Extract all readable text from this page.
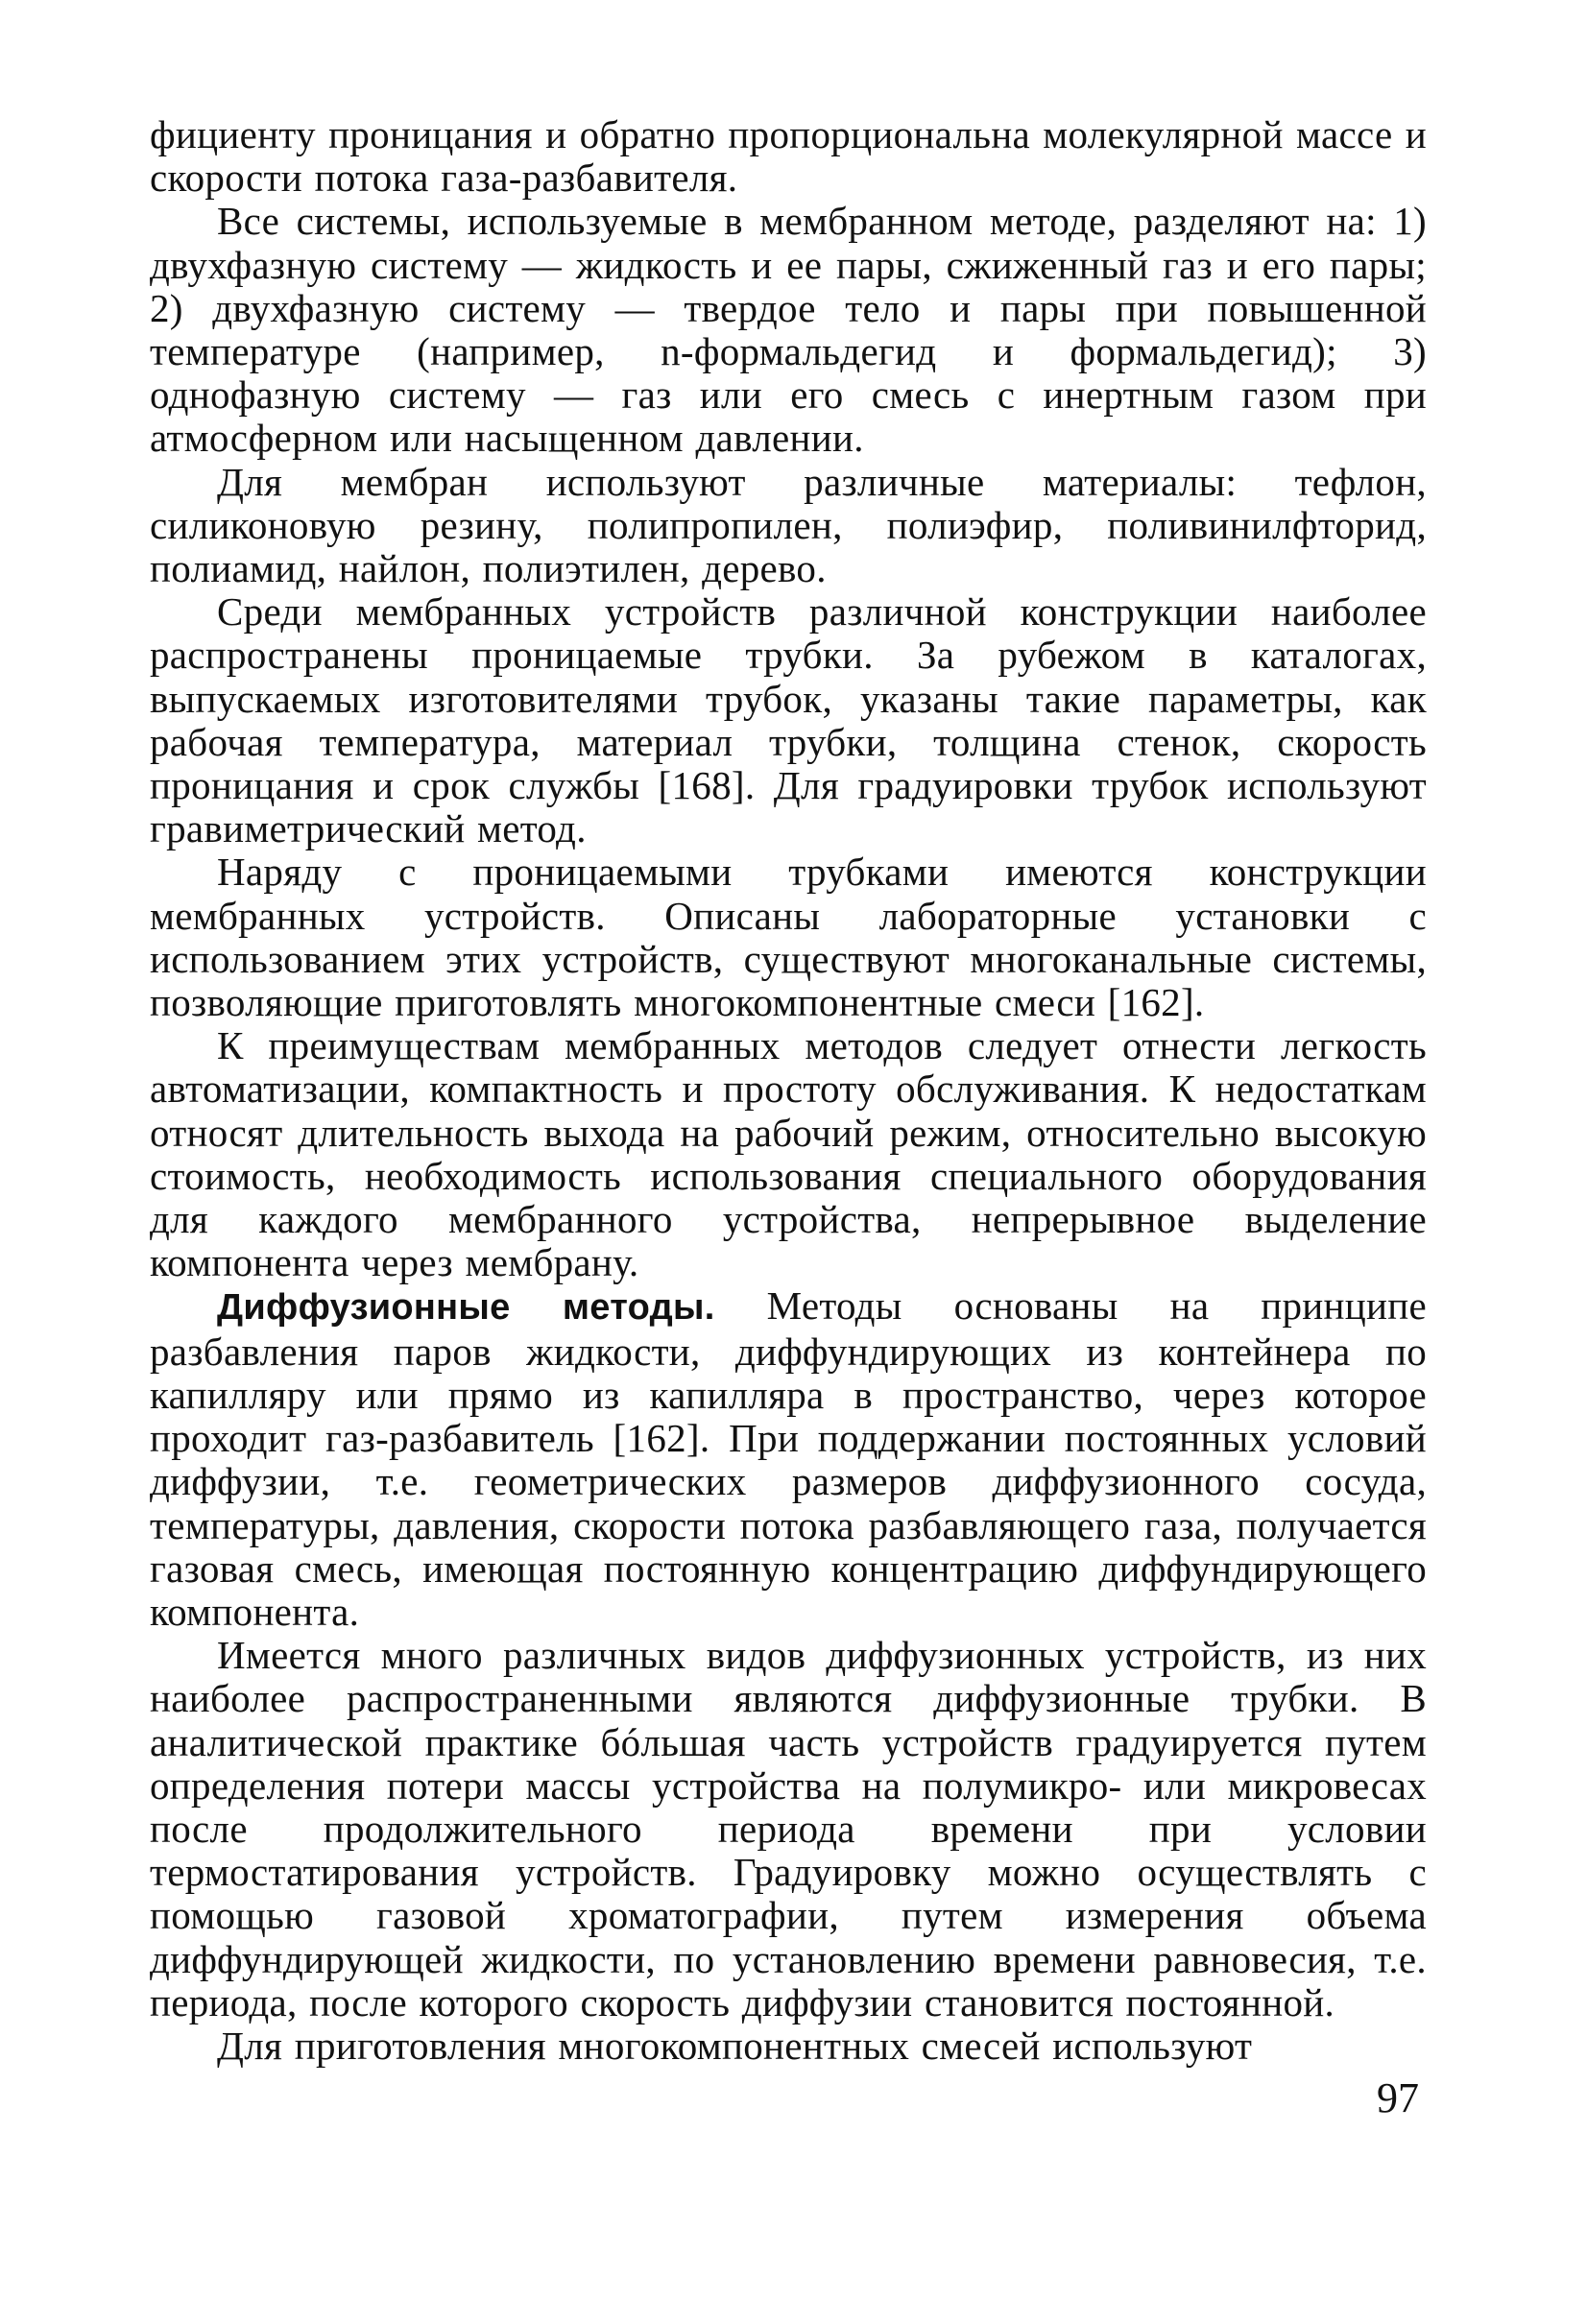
фициенту проницания и обратно пропорциональна молекулярной массе и скорости потока газа-разбавителя.

Все системы, используемые в мембранном методе, разделяют на: 1) двухфазную систему — жидкость и ее пары, сжиженный газ и его пары; 2) двухфазную систему — твердое тело и пары при повышенной температуре (например, n-формальдегид и формальдегид); 3) однофазную систему — газ или его смесь с инертным газом при атмосферном или насыщенном давлении.

Для мембран используют различные материалы: тефлон, силиконовую резину, полипропилен, полиэфир, поливинилфторид, полиамид, найлон, полиэтилен, дерево.

Среди мембранных устройств различной конструкции наиболее распространены проницаемые трубки. За рубежом в каталогах, выпускаемых изготовителями трубок, указаны такие параметры, как рабочая температура, материал трубки, толщина стенок, скорость проницания и срок службы [168]. Для градуировки трубок используют гравиметрический метод.

Наряду с проницаемыми трубками имеются конструкции мембранных устройств. Описаны лабораторные установки с использованием этих устройств, существуют многоканальные системы, позволяющие приготовлять многокомпонентные смеси [162].

К преимуществам мембранных методов следует отнести легкость автоматизации, компактность и простоту обслуживания. К недостаткам относят длительность выхода на рабочий режим, относительно высокую стоимость, необходимость использования специального оборудования для каждого мембранного устройства, непрерывное выделение компонента через мембрану.

Диффузионные методы. Методы основаны на принципе разбавления паров жидкости, диффундирующих из контейнера по капилляру или прямо из капилляра в пространство, через которое проходит газ-разбавитель [162]. При поддержании постоянных условий диффузии, т.е. геометрических размеров диффузионного сосуда, температуры, давления, скорости потока разбавляющего газа, получается газовая смесь, имеющая постоянную концентрацию диффундирующего компонента.

Имеется много различных видов диффузионных устройств, из них наиболее распространенными являются диффузионные трубки. В аналитической практике бóльшая часть устройств градуируется путем определения потери массы устройства на полумикро- или микровесах после продолжительного периода времени при условии термостатирования устройств. Градуировку можно осуществлять с помощью газовой хроматографии, путем измерения объема диффундирующей жидкости, по установлению времени равновесия, т.е. периода, после которого скорость диффузии становится постоянной.

Для приготовления многокомпонентных смесей используют

97
